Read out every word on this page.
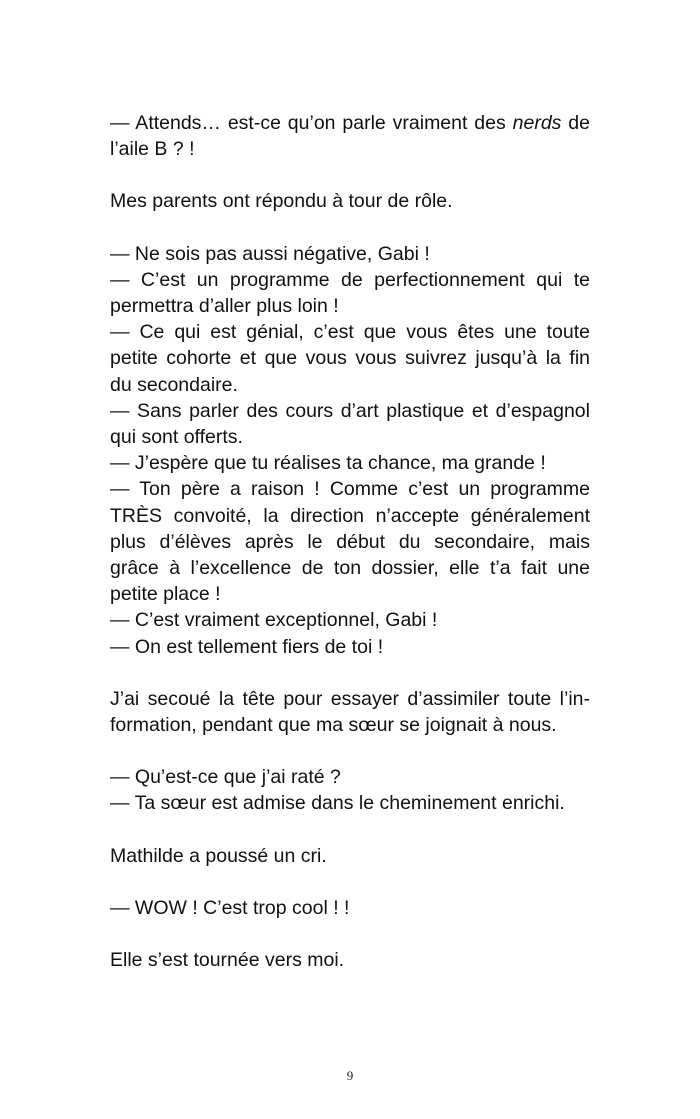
— Attends… est-ce qu’on parle vraiment des nerds de
l’aile B ? !

Mes parents ont répondu à tour de rôle.

— Ne sois pas aussi négative, Gabi !
— C’est un programme de perfectionnement qui te
permettra d’aller plus loin !
— Ce qui est génial, c’est que vous êtes une toute
petite cohorte et que vous vous suivrez jusqu’à la fin
du secondaire.
— Sans parler des cours d’art plastique et d’espagnol
qui sont offerts.
— J’espère que tu réalises ta chance, ma grande !
— Ton père a raison ! Comme c’est un programme
TRÈS convoité, la direction n’accepte généralement
plus d’élèves après le début du secondaire, mais
grâce à l’excellence de ton dossier, elle t’a fait une
petite place !
— C’est vraiment exceptionnel, Gabi !
— On est tellement fiers de toi !

J’ai secoué la tête pour essayer d’assimiler toute l’in-
formation, pendant que ma sœur se joignait à nous.

— Qu’est-ce que j’ai raté ?
— Ta sœur est admise dans le cheminement enrichi.

Mathilde a poussé un cri.

— WOW ! C’est trop cool ! !

Elle s’est tournée vers moi.

9
